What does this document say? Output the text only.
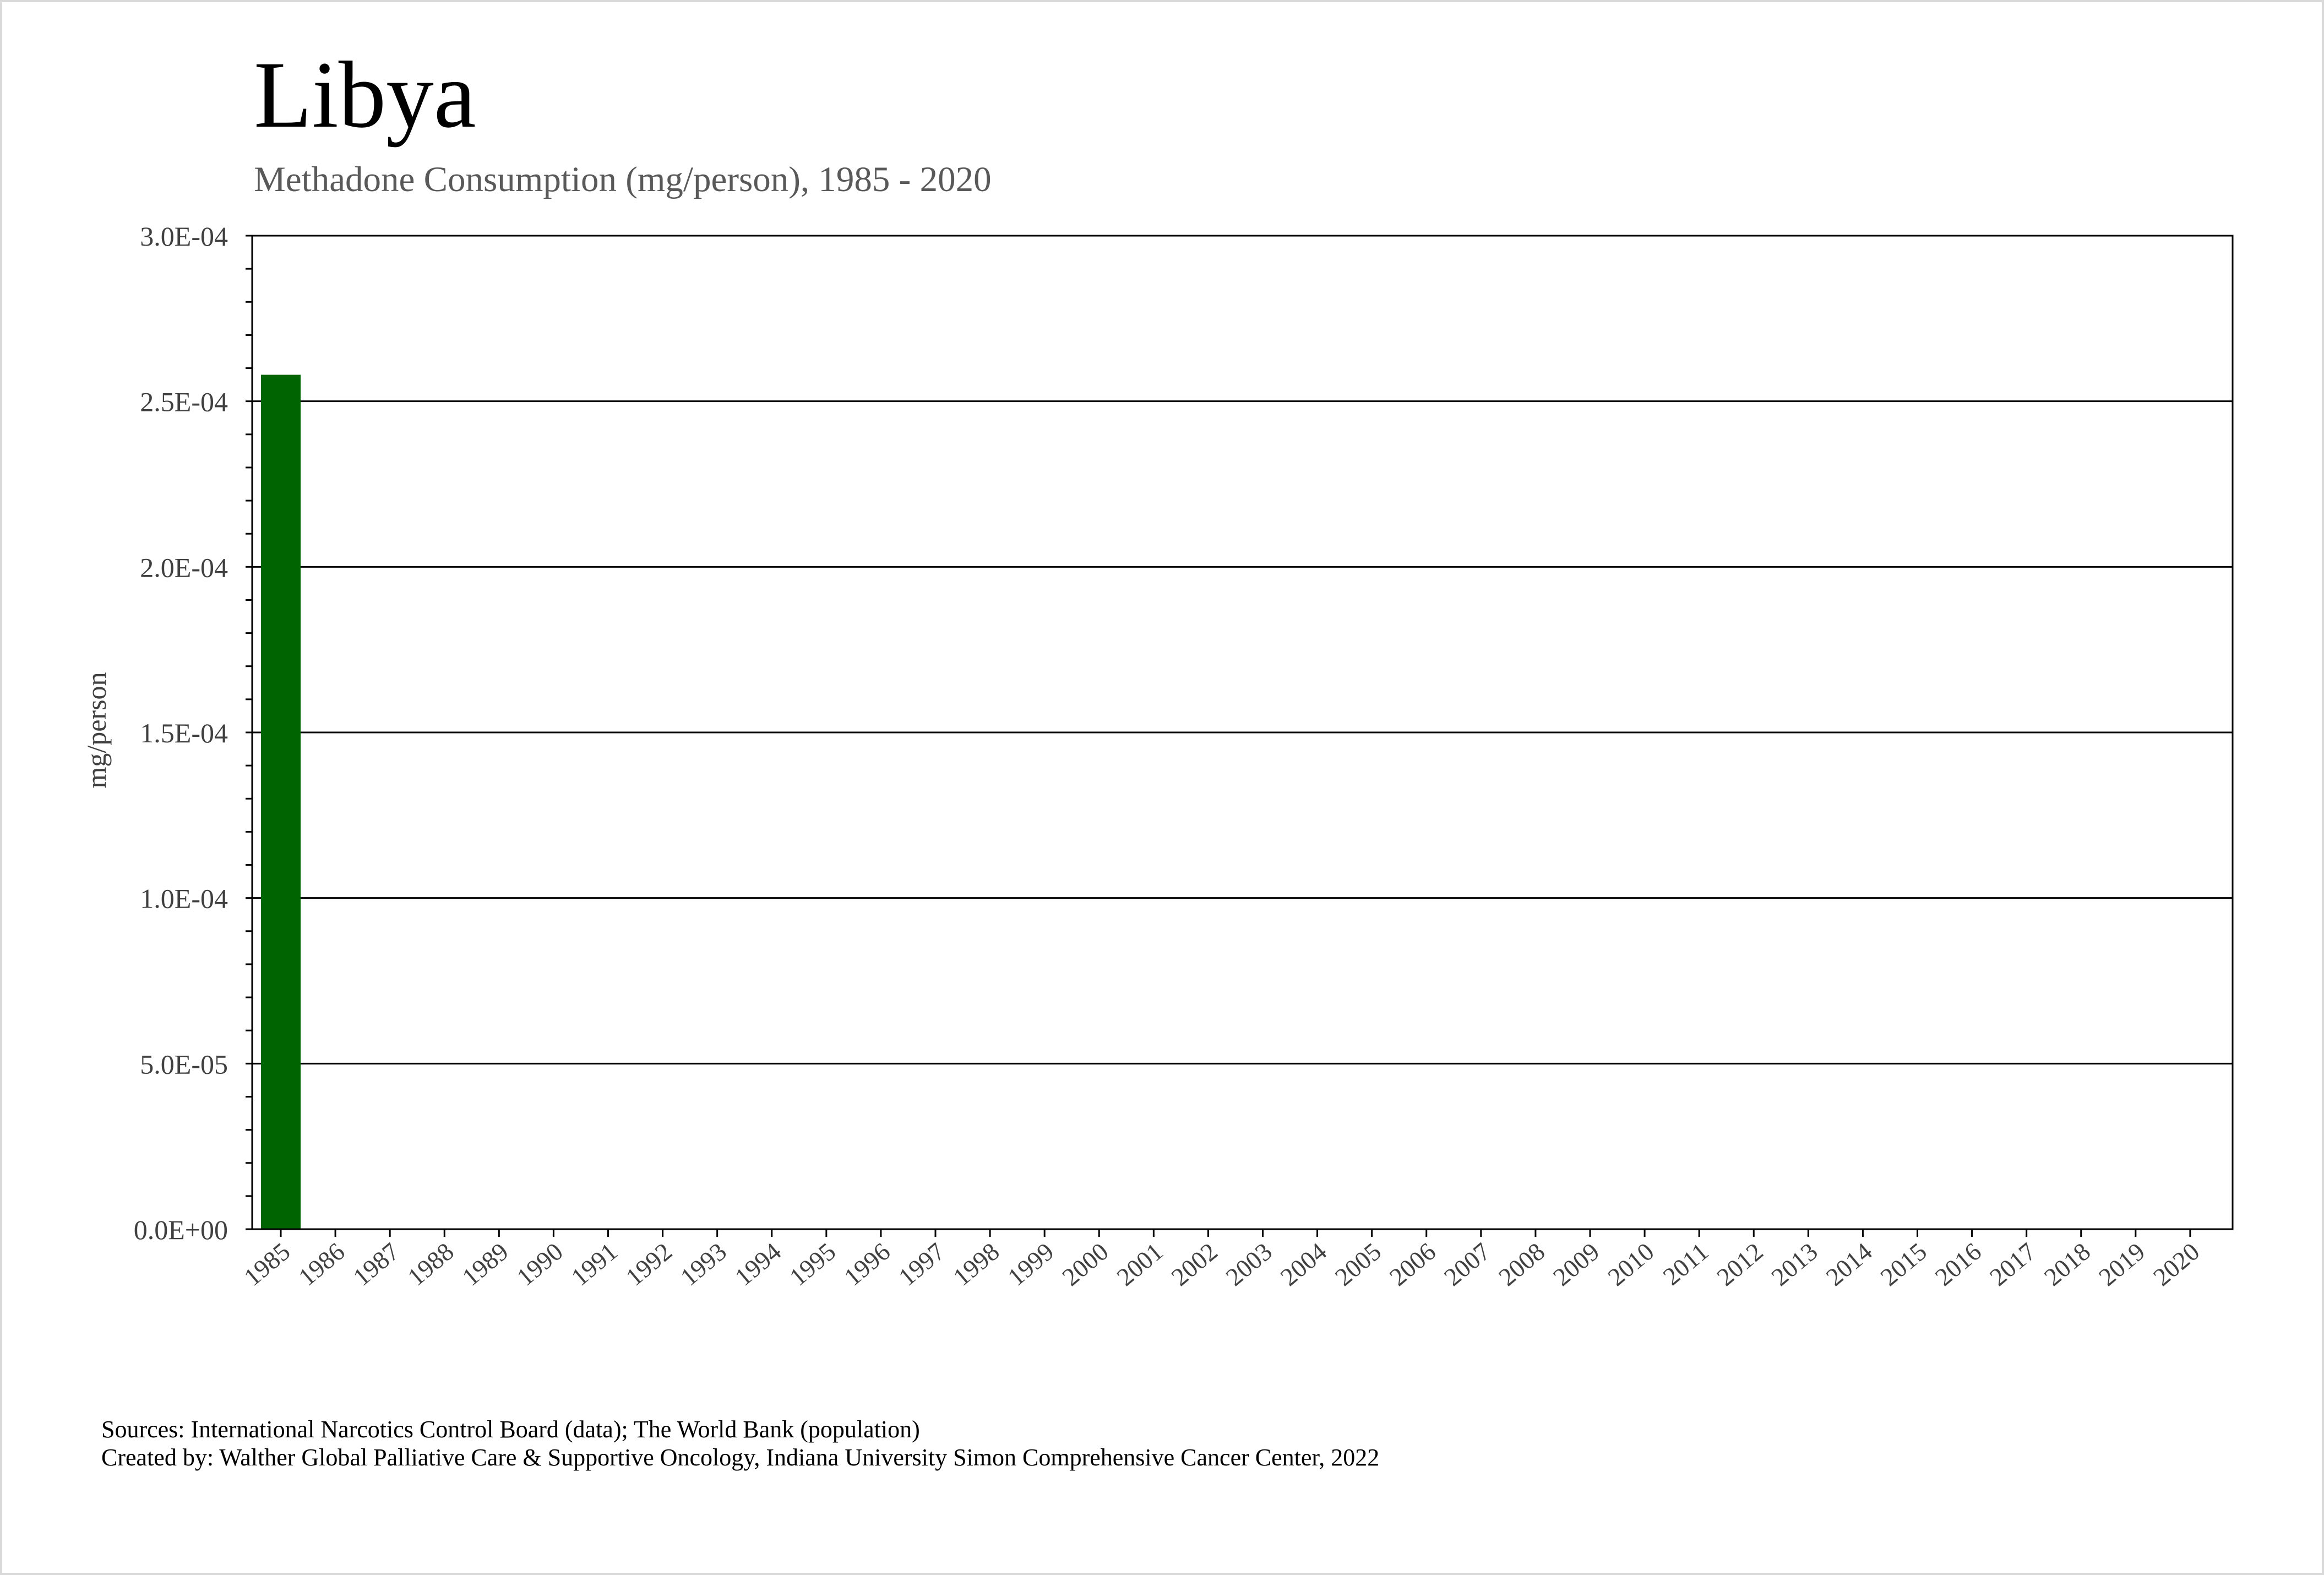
Libya
Methadone Consumption (mg/person), 1985 - 2020
0.0E+00
5.0E-05
1.0E-04
1.5E-04
2.0E-04
2.5E-04
3.0E-04
1985
1986
1987
1988
1989
1990
1991
1992
1993
1994
1995
1996
1997
1998
1999
2000
2001
2002
2003
2004
2005
2006
2007
2008
2009
2010
2011
2012
2013
2014
2015
2016
2017
2018
2019
2020
mg/person
Sources: International Narcotics Control Board (data); The World Bank (population)
Created by: Walther Global Palliative Care & Supportive Oncology, Indiana University Simon Comprehensive Cancer Center, 2022
